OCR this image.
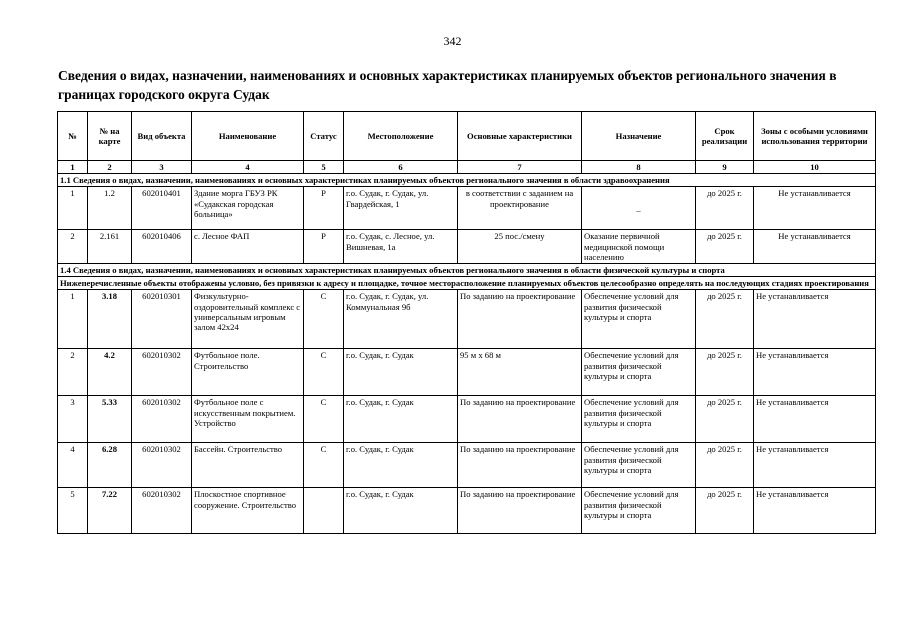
342
Сведения о видах, назначении, наименованиях и основных характеристиках планируемых объектов регионального значения в границах городского округа Судак
№	№ на карте	Вид объекта	Наименование	Статус	Местоположение	Основные характеристики	Назначение	Срок реализации	Зоны с особыми условиями использования территории
1	2	3	4	5	6	7	8	9	10
1.1 Сведения о видах, назначении, наименованиях и основных характеристиках планируемых объектов регионального значения в области здравоохранения									
1	1.2	602010401	Здание морга ГБУЗ РК «Судакская городская больница»	Р	г.о. Судак, г. Судак, ул. Гвардейская, 1	в соответствии с заданием на проектирование	_	до 2025 г.	Не устанавливается
2	2.161	602010406	с. Лесное ФАП	Р	г.о. Судак, с. Лесное, ул. Вишневая, 1а	25 пос./смену	Оказание первичной медицинской помощи населению	до 2025 г.	Не устанавливается
1.4 Сведения о видах, назначении, наименованиях и основных характеристиках планируемых объектов регионального значения в области физической культуры и спорта									
Нижеперечисленные объекты отображены условно, без привязки к адресу и площадке, точное месторасположение планируемых объектов целесообразно определять на последующих стадиях проектирования									
1	3.18	602010301	Физкультурно-оздоровительный комплекс с универсальным игровым залом 42х24	С	г.о. Судак, г. Судак, ул. Коммунальная 9б	По заданию на проектирование	Обеспечение условий для развития физической культуры и спорта	до 2025 г.	Не устанавливается
2	4.2	602010302	Футбольное поле. Строительство	С	г.о. Судак, г. Судак	95 м х 68 м	Обеспечение условий для развития физической культуры и спорта	до 2025 г.	Не устанавливается
3	5.33	602010302	Футбольное поле с искусственным покрытием. Устройство	С	г.о. Судак, г. Судак	По заданию на проектирование	Обеспечение условий для развития физической культуры и спорта	до 2025 г.	Не устанавливается
4	6.28	602010302	Бассейн. Строительство	С	г.о. Судак, г. Судак	По заданию на проектирование	Обеспечение условий для развития физической культуры и спорта	до 2025 г.	Не устанавливается
5	7.22	602010302	Плоскостное спортивное сооружение. Строительство		г.о. Судак, г. Судак	По заданию на проектирование	Обеспечение условий для развития физической культуры и спорта	до 2025 г.	Не устанавливается
